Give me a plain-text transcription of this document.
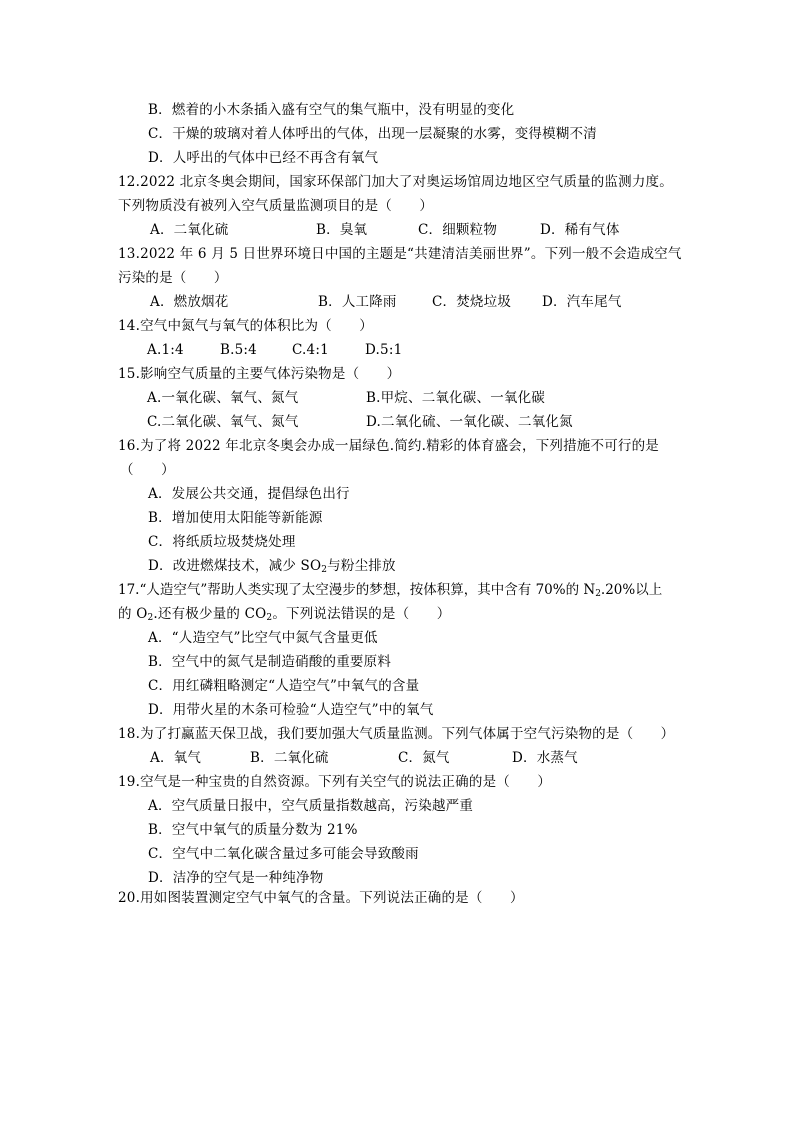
B．燃着的小木条插入盛有空气的集气瓶中，没有明显的变化
C．干燥的玻璃对着人体呼出的气体，出现一层凝聚的水雾，变得模糊不清
D．人呼出的气体中已经不再含有氧气
12.2022 北京冬奥会期间，国家环保部门加大了对奥运场馆周边地区空气质量的监测力度。
下列物质没有被列入空气质量监测项目的是（　　）
A．二氧化硫	B．臭氧	C．细颗粒物	D．稀有气体
13.2022 年 6 月 5 日世界环境日中国的主题是“共建清洁美丽世界”。下列一般不会造成空气
污染的是（　　）
A．燃放烟花	B．人工降雨	C．焚烧垃圾 D．汽车尾气
14.空气中氮气与氧气的体积比为（　　）
A.1:4	B.5:4	C.4:1	D.5:1
15.影响空气质量的主要气体污染物是（　　）
A.一氧化碳、氧气、氮气	B.甲烷、二氧化碳、一氧化碳
C.二氧化碳、氧气、氮气	D.二氧化硫、一氧化碳、二氧化氮
16.为了将 2022 年北京冬奥会办成一届绿色.简约.精彩的体育盛会，下列措施不可行的是
（　　）
A．发展公共交通，提倡绿色出行
B．增加使用太阳能等新能源
C．将纸质垃圾焚烧处理
D．改进燃煤技术，减少 $SO_2$与粉尘排放
17.“人造空气”帮助人类实现了太空漫步的梦想，按体积算，其中含有 70%的 $N_2.20\%$以上
的 $O_2$.还有极少量的 $CO_2$。下列说法错误的是（　　）
A．“人造空气”比空气中氮气含量更低
B．空气中的氮气是制造硝酸的重要原料
C．用红磷粗略测定“人造空气”中氧气的含量
D．用带火星的木条可检验“人造空气”中的氧气
18.为了打赢蓝天保卫战，我们要加强大气质量监测。下列气体属于空气污染物的是（　　）
A．氧气	B．二氧化硫	C．氮气	D．水蒸气
19.空气是一种宝贵的自然资源。下列有关空气的说法正确的是（　　）
A．空气质量日报中，空气质量指数越高，污染越严重
B．空气中氧气的质量分数为 21%
C．空气中二氧化碳含量过多可能会导致酸雨
D．洁净的空气是一种纯净物
20.用如图装置测定空气中氧气的含量。下列说法正确的是（　　）
